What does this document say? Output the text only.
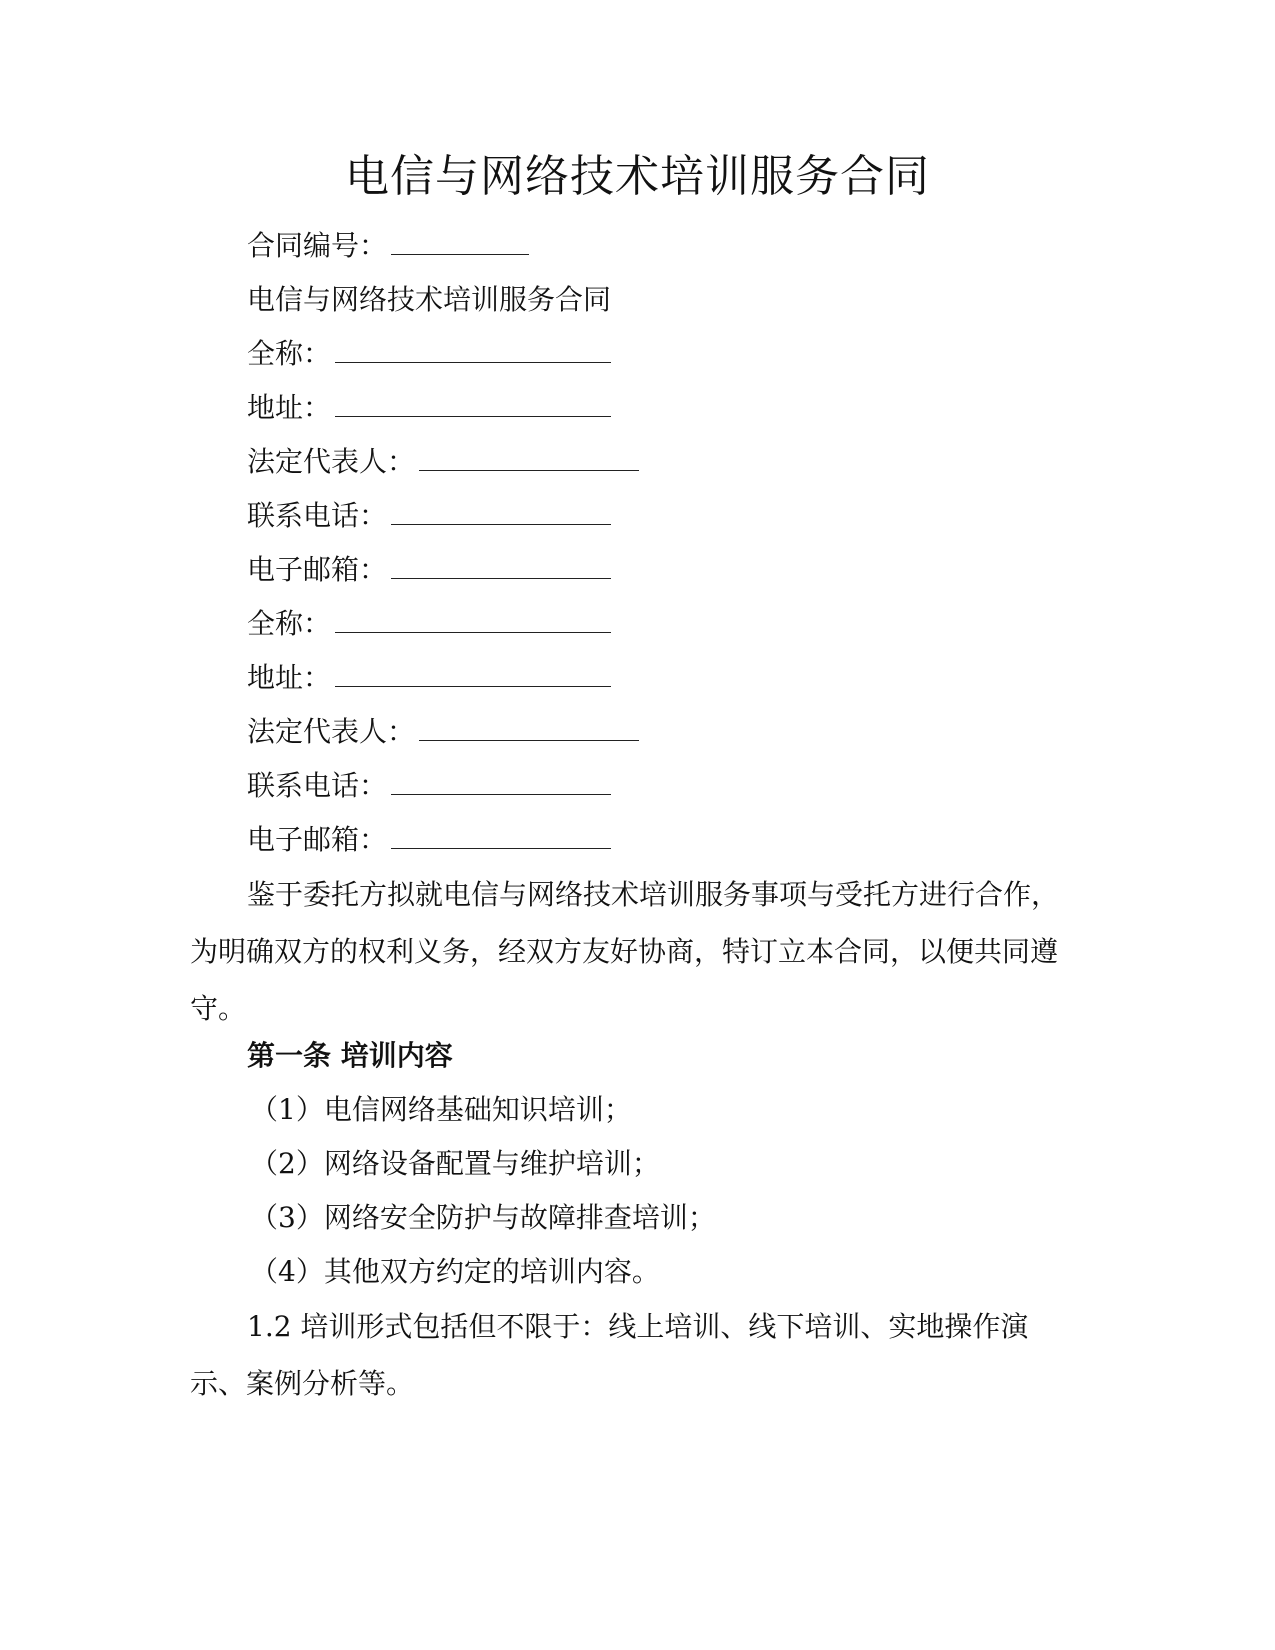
电信与网络技术培训服务合同
合同编号：
电信与网络技术培训服务合同
全称：
地址：
法定代表人：
联系电话：
电子邮箱：
全称：
地址：
法定代表人：
联系电话：
电子邮箱：
鉴于委托方拟就电信与网络技术培训服务事项与受托方进行合作，为明确双方的权利义务，经双方友好协商，特订立本合同，以便共同遵守。
第一条 培训内容
（1）电信网络基础知识培训；
（2）网络设备配置与维护培训；
（3）网络安全防护与故障排查培训；
（4）其他双方约定的培训内容。
1.2 培训形式包括但不限于：线上培训、线下培训、实地操作演示、案例分析等。
